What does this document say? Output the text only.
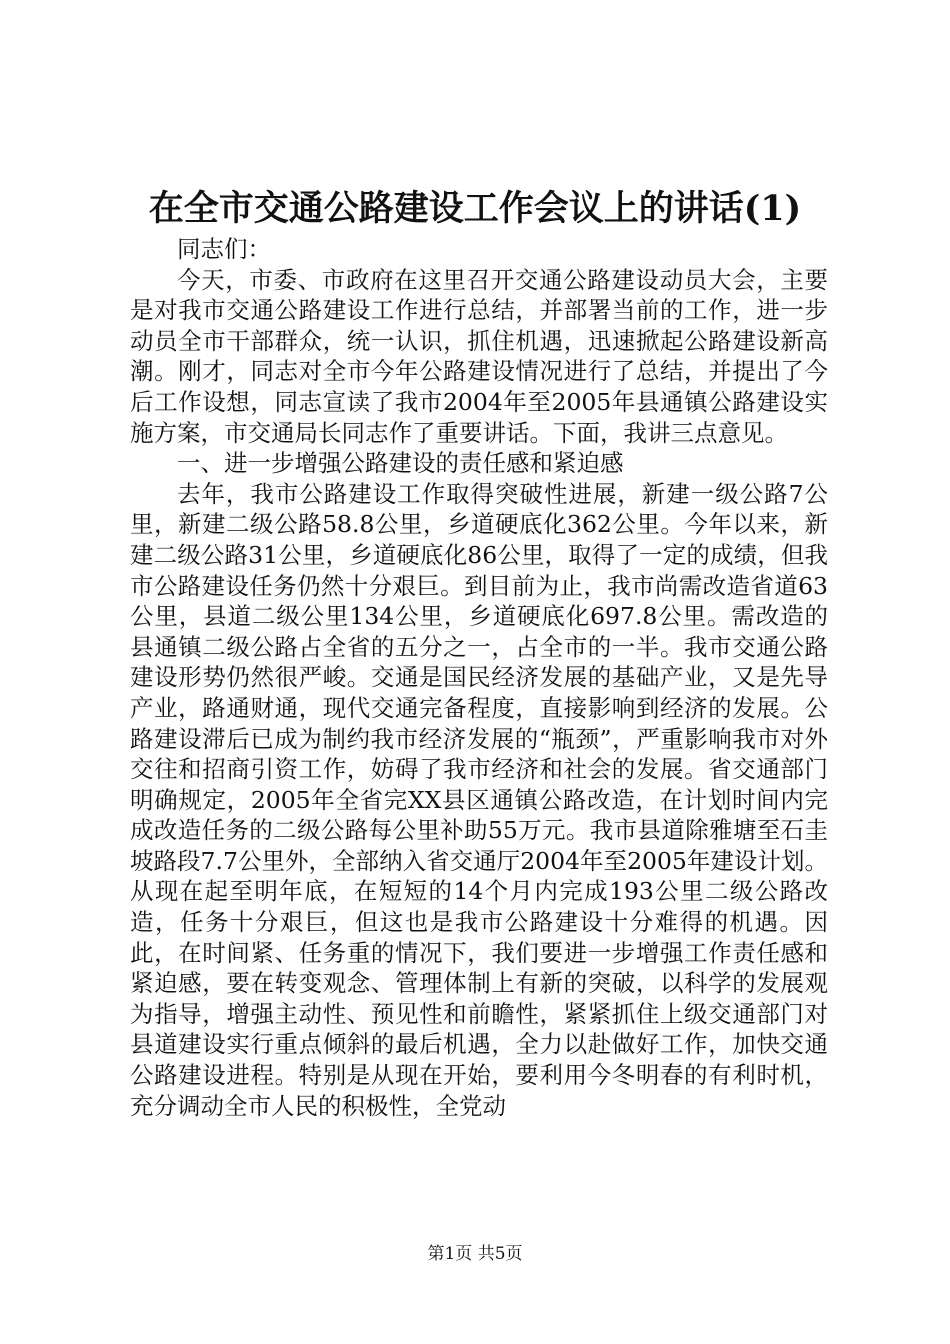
在全市交通公路建设工作会议上的讲话(1)

同志们：

今天，市委、市政府在这里召开交通公路建设动员大会，主要是对我市交通公路建设工作进行总结，并部署当前的工作，进一步动员全市干部群众，统一认识，抓住机遇，迅速掀起公路建设新高潮。刚才，同志对全市今年公路建设情况进行了总结，并提出了今后工作设想，同志宣读了我市2004年至2005年县通镇公路建设实施方案，市交通局长同志作了重要讲话。下面，我讲三点意见。

一、进一步增强公路建设的责任感和紧迫感

去年，我市公路建设工作取得突破性进展，新建一级公路7公里，新建二级公路58.8公里，乡道硬底化362公里。今年以来，新建二级公路31公里，乡道硬底化86公里，取得了一定的成绩，但我市公路建设任务仍然十分艰巨。到目前为止，我市尚需改造省道63公里，县道二级公里134公里，乡道硬底化697.8公里。需改造的县通镇二级公路占全省的五分之一，占全市的一半。我市交通公路建设形势仍然很严峻。交通是国民经济发展的基础产业，又是先导产业，路通财通，现代交通完备程度，直接影响到经济的发展。公路建设滞后已成为制约我市经济发展的“瓶颈”，严重影响我市对外交往和招商引资工作，妨碍了我市经济和社会的发展。省交通部门明确规定，2005年全省完XX县区通镇公路改造，在计划时间内完成改造任务的二级公路每公里补助55万元。我市县道除雅塘至石圭坡路段7.7公里外，全部纳入省交通厅2004年至2005年建设计划。从现在起至明年底，在短短的14个月内完成193公里二级公路改造，任务十分艰巨，但这也是我市公路建设十分难得的机遇。因此，在时间紧、任务重的情况下，我们要进一步增强工作责任感和紧迫感，要在转变观念、管理体制上有新的突破，以科学的发展观为指导，增强主动性、预见性和前瞻性，紧紧抓住上级交通部门对县道建设实行重点倾斜的最后机遇，全力以赴做好工作，加快交通公路建设进程。特别是从现在开始，要利用今冬明春的有利时机，充分调动全市人民的积极性，全党动

第1页 共5页
